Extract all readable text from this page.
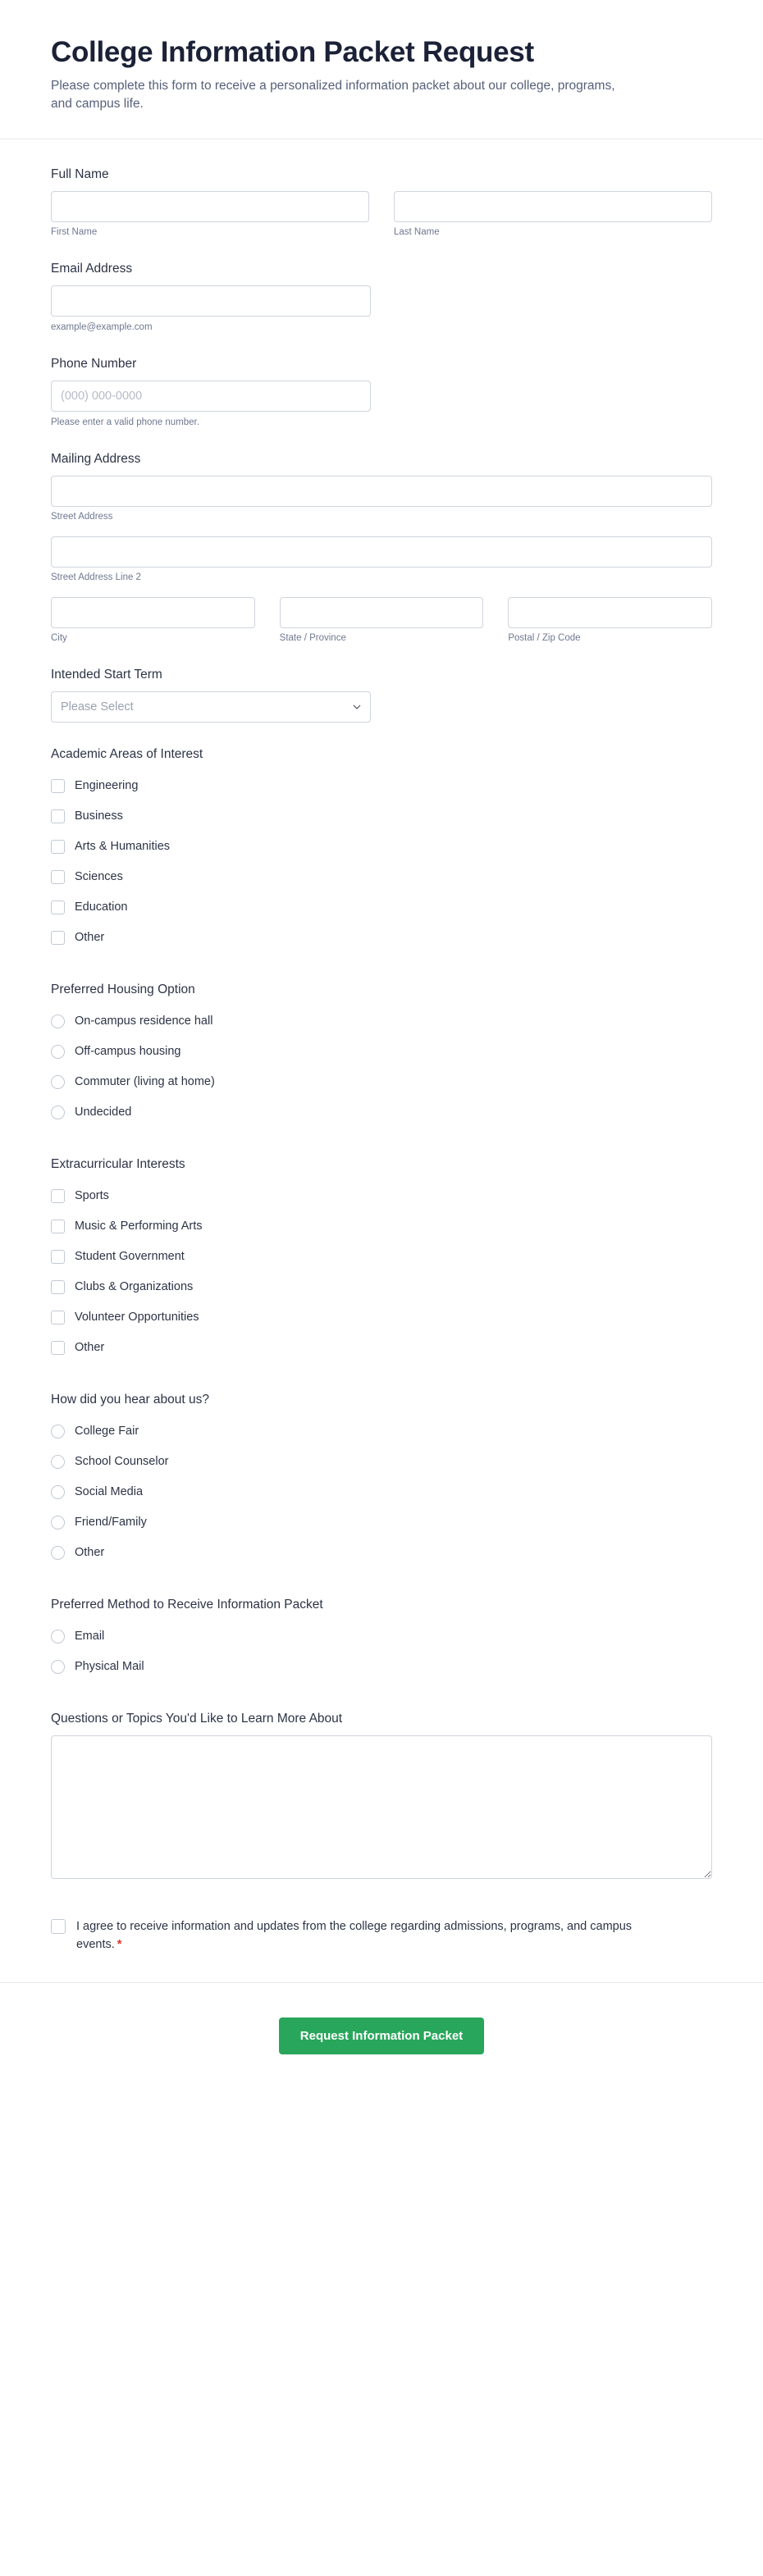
College Information Packet Request

Please complete this form to receive a personalized information packet about our college, programs, and campus life.

Full Name
First Name	Last Name
Email Address
example@example.com
Phone Number
(000) 000-0000
Please enter a valid phone number.
Mailing Address
Street Address
Street Address Line 2
City	State / Province	Postal / Zip Code
Intended Start Term
Please Select
Academic Areas of Interest
Engineering
Business
Arts & Humanities
Sciences
Education
Other
Preferred Housing Option
On-campus residence hall
Off-campus housing
Commuter (living at home)
Undecided
Extracurricular Interests
Sports
Music & Performing Arts
Student Government
Clubs & Organizations
Volunteer Opportunities
Other
How did you hear about us?
College Fair
School Counselor
Social Media
Friend/Family
Other
Preferred Method to Receive Information Packet
Email
Physical Mail
Questions or Topics You'd Like to Learn More About
I agree to receive information and updates from the college regarding admissions, programs, and campus events. *
Request Information Packet
